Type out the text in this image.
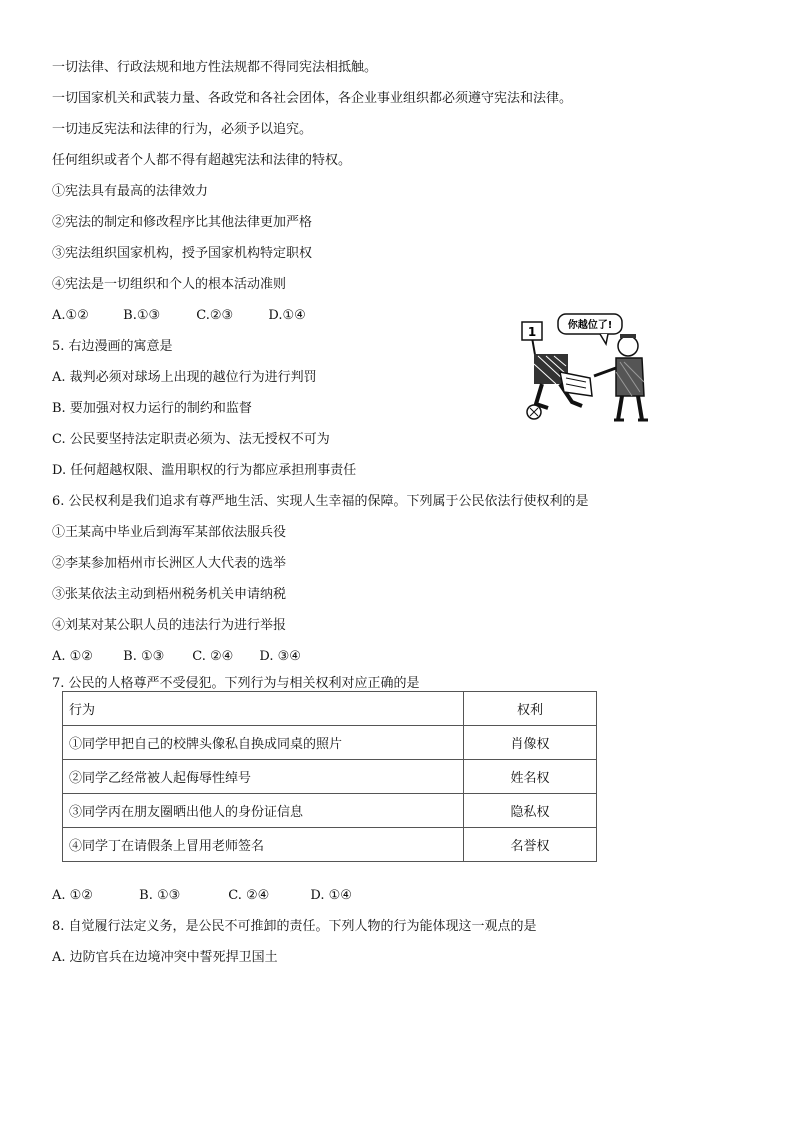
一切法律、行政法规和地方性法规都不得同宪法相抵触。
一切国家机关和武装力量、各政党和各社会团体，各企业事业组织都必须遵守宪法和法律。
一切违反宪法和法律的行为，必须予以追究。
任何组织或者个人都不得有超越宪法和法律的特权。
①宪法具有最高的法律效力
②宪法的制定和修改程序比其他法律更加严格
③宪法组织国家机构，授予国家机构特定职权
④宪法是一切组织和个人的根本活动准则
A.①②	B.①③	C.②③	D.①④
5. 右边漫画的寓意是
A. 裁判必须对球场上出现的越位行为进行判罚
B. 要加强对权力运行的制约和监督
C. 公民要坚持法定职责必须为、法无授权不可为
D. 任何超越权限、滥用职权的行为都应承担刑事责任
你越位了!
1
6. 公民权利是我们追求有尊严地生活、实现人生幸福的保障。下列属于公民依法行使权利的是
①王某高中毕业后到海军某部依法服兵役
②李某参加梧州市长洲区人大代表的选举
③张某依法主动到梧州税务机关申请纳税
④刘某对某公职人员的违法行为进行举报
A. ①② B. ①③ C. ②④ D. ③④
7. 公民的人格尊严不受侵犯。下列行为与相关权利对应正确的是
行为	权利
①同学甲把自己的校牌头像私自换成同桌的照片	肖像权
②同学乙经常被人起侮辱性绰号	姓名权
③同学丙在朋友圈晒出他人的身份证信息	隐私权
④同学丁在请假条上冒用老师签名	名誉权
A. ①②	B. ①③	C. ②④	D. ①④
8. 自觉履行法定义务，是公民不可推卸的责任。下列人物的行为能体现这一观点的是
A. 边防官兵在边境冲突中誓死捍卫国土
